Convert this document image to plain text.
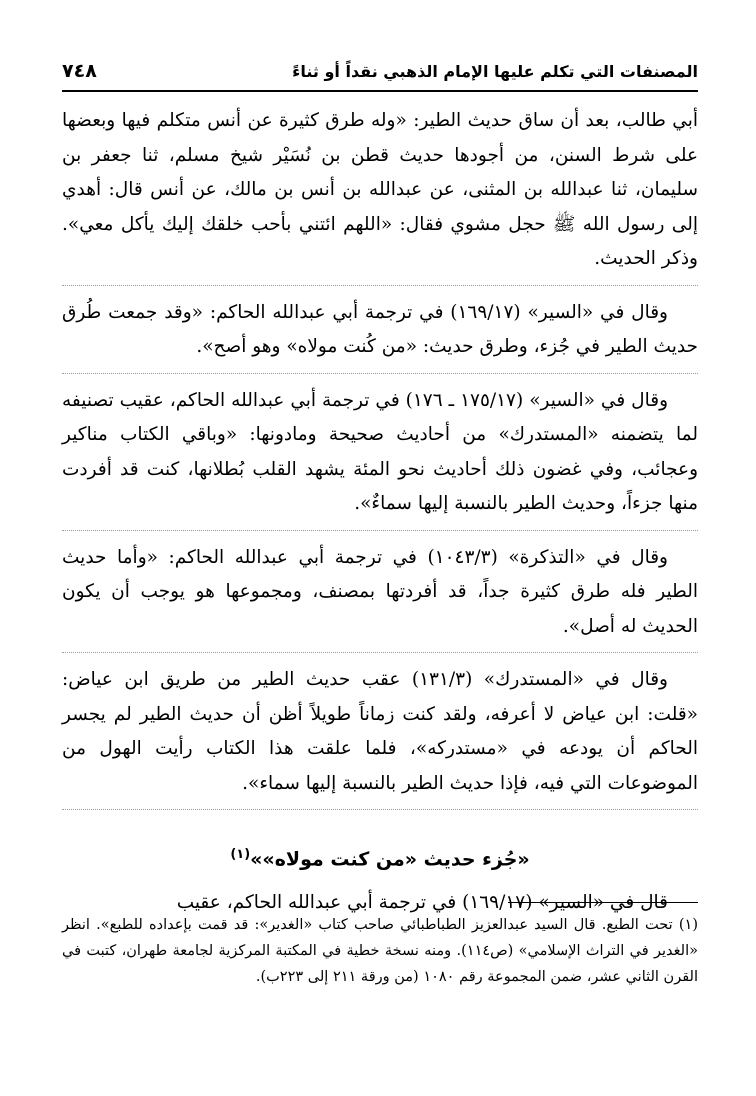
المصنفات التي تكلم عليها الإمام الذهبي نقداً أو ثناءً
٧٤٨

أبي طالب، بعد أن ساق حديث الطير: «وله طرق كثيرة عن أنس متكلم فيها وبعضها على شرط السنن، من أجودها حديث قطن بن نُسَيْر شيخ مسلم، ثنا جعفر بن سليمان، ثنا عبدالله بن المثنى، عن عبدالله بن أنس بن مالك، عن أنس قال: أهدي إلى رسول الله ﷺ حجل مشوي فقال: «اللهم ائتني بأحب خلقك إليك يأكل معي». وذكر الحديث.

وقال في «السير» (١٦٩/١٧) في ترجمة أبي عبدالله الحاكم: «وقد جمعت طُرق حديث الطير في جُزء، وطرق حديث: «من كُنت مولاه» وهو أصح».

وقال في «السير» (١٧٥/١٧ ـ ١٧٦) في ترجمة أبي عبدالله الحاكم، عقيب تصنيفه لما يتضمنه «المستدرك» من أحاديث صحيحة ومادونها: «وباقي الكتاب مناكير وعجائب، وفي غضون ذلك أحاديث نحو المئة يشهد القلب بُطلانها، كنت قد أفردت منها جزءاً، وحديث الطير بالنسبة إليها سماءٌ».

وقال في «التذكرة» (١٠٤٣/٣) في ترجمة أبي عبدالله الحاكم: «وأما حديث الطير فله طرق كثيرة جداً، قد أفردتها بمصنف، ومجموعها هو يوجب أن يكون الحديث له أصل».

وقال في «المستدرك» (١٣١/٣) عقب حديث الطير من طريق ابن عياض: «قلت: ابن عياض لا أعرفه، ولقد كنت زماناً طويلاً أظن أن حديث الطير لم يجسر الحاكم أن يودعه في «مستدركه»، فلما علقت هذا الكتاب رأيت الهول من الموضوعات التي فيه، فإذا حديث الطير بالنسبة إليها سماء».

«جُزء حديث «من كنت مولاه»»$^{(١)}$

قال في «السير» (١٦٩/١٧) في ترجمة أبي عبدالله الحاكم، عقيب

(١) تحت الطبع. قال السيد عبدالعزيز الطباطبائي صاحب كتاب «الغدير»: قد قمت بإعداده للطبع». انظر «الغدير في التراث الإسلامي» (ص١١٤). ومنه نسخة خطية في المكتبة المركزية لجامعة طهران، كتبت في القرن الثاني عشر، ضمن المجموعة رقم ١٠٨٠ (من ورقة ٢١١ إلى ٢٢٣ب).
